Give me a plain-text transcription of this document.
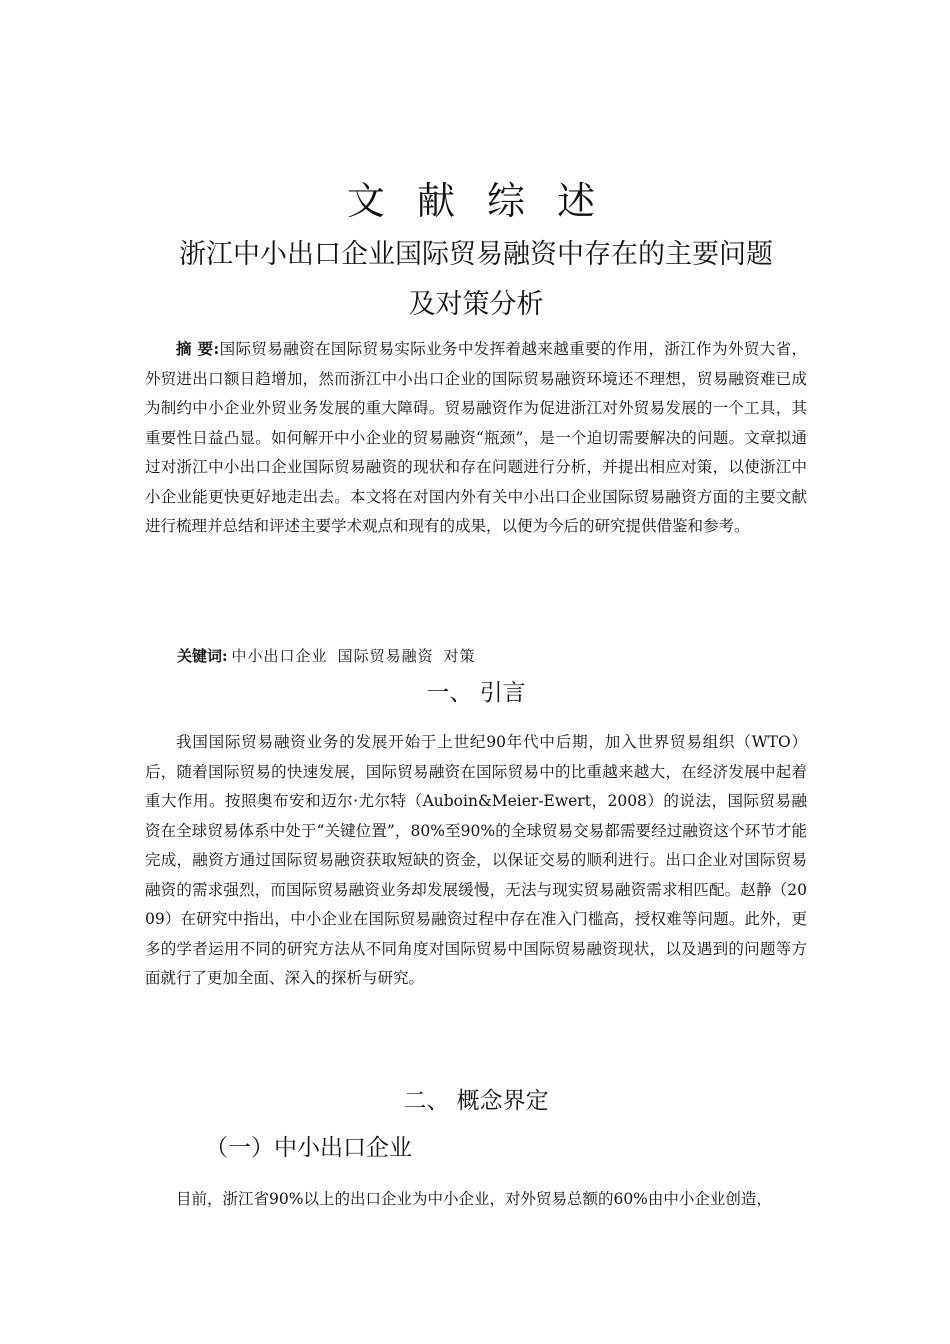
文 献 综 述
浙江中小出口企业国际贸易融资中存在的主要问题
及对策分析

摘 要:国际贸易融资在国际贸易实际业务中发挥着越来越重要的作用，浙江作为外贸大省，外贸进出口额日趋增加，然而浙江中小出口企业的国际贸易融资环境还不理想，贸易融资难已成为制约中小企业外贸业务发展的重大障碍。贸易融资作为促进浙江对外贸易发展的一个工具，其重要性日益凸显。如何解开中小企业的贸易融资“瓶颈”，是一个迫切需要解决的问题。文章拟通过对浙江中小出口企业国际贸易融资的现状和存在问题进行分析，并提出相应对策，以使浙江中小企业能更快更好地走出去。本文将在对国内外有关中小出口企业国际贸易融资方面的主要文献进行梳理并总结和评述主要学术观点和现有的成果，以便为今后的研究提供借鉴和参考。

关键词: 中小出口企业 国际贸易融资 对策

一、 引言

我国国际贸易融资业务的发展开始于上世纪90年代中后期，加入世界贸易组织（WTO）后，随着国际贸易的快速发展，国际贸易融资在国际贸易中的比重越来越大，在经济发展中起着重大作用。按照奥布安和迈尔·尤尔特（Auboin&Meier-Ewert，2008）的说法，国际贸易融资在全球贸易体系中处于“关键位置”，80%至90%的全球贸易交易都需要经过融资这个环节才能完成，融资方通过国际贸易融资获取短缺的资金，以保证交易的顺利进行。出口企业对国际贸易融资的需求强烈，而国际贸易融资业务却发展缓慢，无法与现实贸易融资需求相匹配。赵静（2009）在研究中指出，中小企业在国际贸易融资过程中存在准入门槛高，授权难等问题。此外，更多的学者运用不同的研究方法从不同角度对国际贸易中国际贸易融资现状，以及遇到的问题等方面就行了更加全面、深入的探析与研究。

二、 概念界定
（一）中小出口企业

目前，浙江省90%以上的出口企业为中小企业，对外贸易总额的60%由中小企业创造，
